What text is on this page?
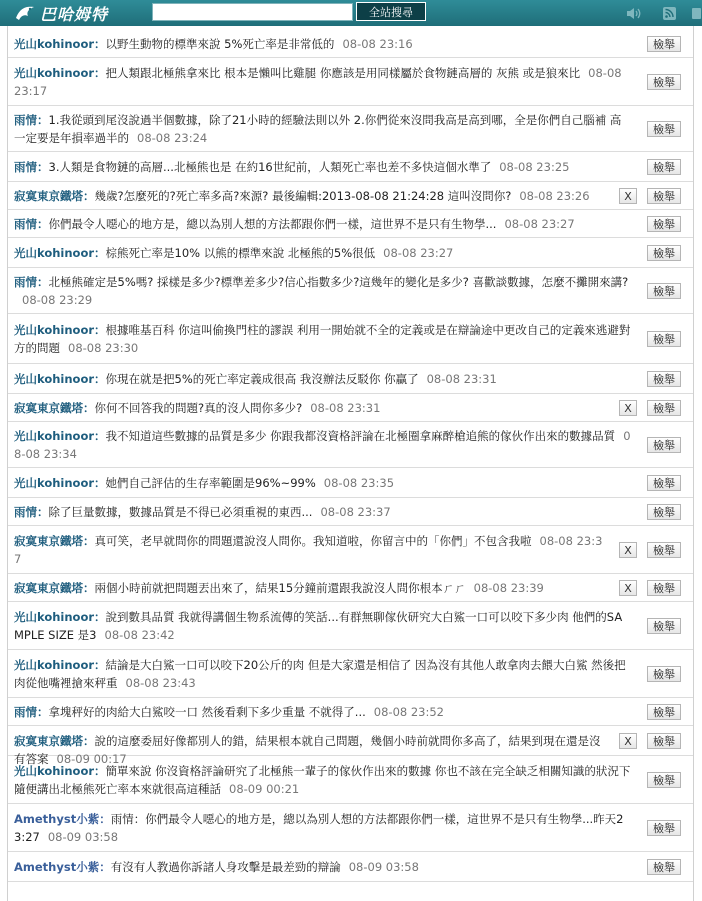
巴哈姆特	全站搜尋
光山kohinoor：以野生動物的標準來說 5%死亡率是非常低的 08-08 23:16	檢舉
光山kohinoor：把人類跟北極熊拿來比 根本是懶叫比雞腿 你應該是用同樣屬於食物鏈高層的 灰熊 或是狼來比 08-08 23:17
檢舉
雨情：1.我從頭到尾沒說過半個數據，除了21小時的經驗法則以外 2.你們從來沒問我高是高到哪，全是你們自己腦補 高一定要是年損率過半的 08-08 23:24
檢舉
雨情：3.人類是食物鏈的高層...北極熊也是 在約16世紀前，人類死亡率也差不多快這個水準了 08-08 23:25	檢舉
寂寞東京鐵塔：幾歲?怎麼死的?死亡率多高?來源? 最後編輯:2013-08-08 21:24:28 這叫沒問你? 08-08 23:26	X	檢舉
雨情：你們最令人噁心的地方是，總以為別人想的方法都跟你們一樣，這世界不是只有生物學... 08-08 23:27	檢舉
光山kohinoor：棕熊死亡率是10% 以熊的標準來說 北極熊的5%很低 08-08 23:27	檢舉
雨情：北極熊確定是5%嗎? 採樣是多少?標準差多少?信心指數多少?這幾年的變化是多少? 喜歡談數據，怎麼不攤開來講?08-08 23:29
檢舉
光山kohinoor：根據唯基百科 你這叫偷換門柱的謬誤 利用一開始就不全的定義或是在辯論途中更改自己的定義來逃避對方的問題 08-08 23:30
檢舉
光山kohinoor：你現在就是把5%的死亡率定義成很高 我沒辦法反駁你 你贏了 08-08 23:31	檢舉
寂寞東京鐵塔：你何不回答我的問題?真的沒人問你多少? 08-08 23:31	X	檢舉
光山kohinoor：我不知道這些數據的品質是多少 你跟我都沒資格評論在北極圈拿麻醉槍追熊的傢伙作出來的數據品質 08-08 23:34
檢舉
光山kohinoor：她們自己評估的生存率範圍是96%~99% 08-08 23:35	檢舉
雨情：除了巨量數據，數據品質是不得已必須重視的東西... 08-08 23:37	檢舉
寂寞東京鐵塔：真可笑，老早就問你的問題還說沒人問你。我知道啦，你留言中的「你們」不包含我啦 08-08 23:37
X	檢舉
寂寞東京鐵塔：兩個小時前就把問題丟出來了，結果15分鐘前還跟我說沒人問你根本ㄏㄏ 08-08 23:39	X	檢舉
光山kohinoor：說到數具品質 我就得講個生物系流傳的笑話...有群無聊傢伙研究大白鯊一口可以咬下多少肉 他們的SAMPLE SIZE 是3 08-08 23:42
檢舉
光山kohinoor：結論是大白鯊一口可以咬下20公斤的肉 但是大家還是相信了 因為沒有其他人敢拿肉去餵大白鯊 然後把肉從他嘴裡搶來秤重 08-08 23:43
檢舉
雨情：拿塊秤好的肉給大白鯊咬一口 然後看剩下多少重量 不就得了... 08-08 23:52	檢舉
寂寞東京鐵塔：說的這麼委屈好像都別人的錯，結果根本就自己問題，幾個小時前就問你多高了，結果到現在還是沒有答案 08-09 00:17
X	檢舉
光山kohinoor：簡單來說 你沒資格評論研究了北極熊一輩子的傢伙作出來的數據 你也不該在完全缺乏相關知識的狀況下隨便講出北極熊死亡率本來就很高這種話 08-09 00:21
檢舉
Amethyst小紫：雨情：你們最令人噁心的地方是，總以為別人想的方法都跟你們一樣，這世界不是只有生物學...昨天23:27 08-09 03:58
檢舉
Amethyst小紫：有沒有人教過你訴諸人身攻擊是最差勁的辯論 08-09 03:58	檢舉
